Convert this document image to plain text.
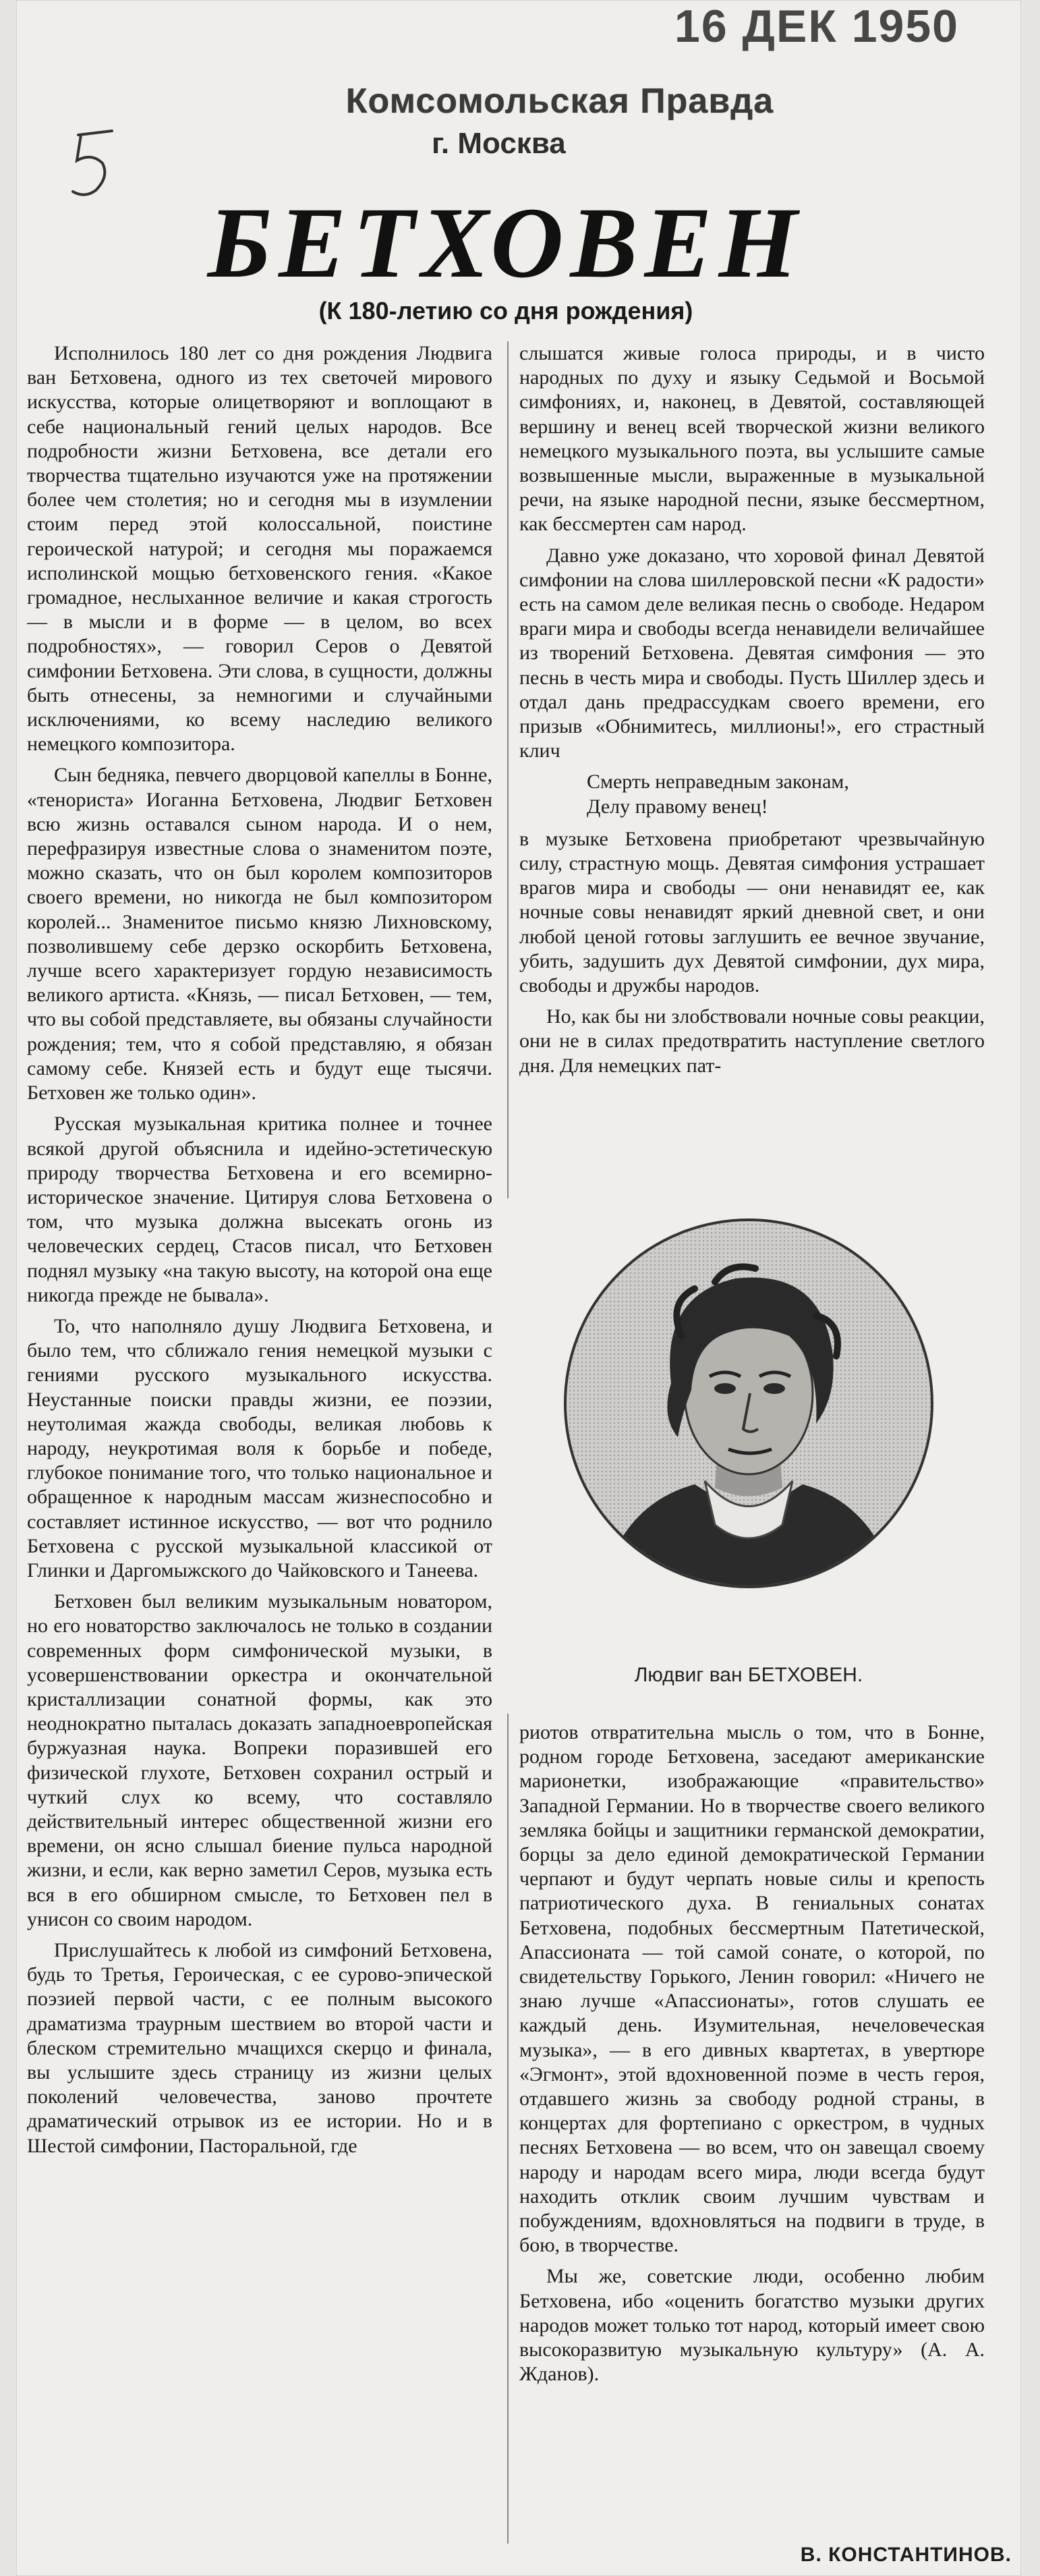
16 ДЕК 1950
Комсомольская Правда
г. Москва
БЕТХОВЕН
(К 180-летию со дня рождения)

Исполнилось 180 лет со дня рождения Людвига ван Бетховена, одного из тех светочей мирового искусства, которые олицетворяют и воплощают в себе национальный гений целых народов. Все подробности жизни Бетховена, все детали его творчества тщательно изучаются уже на протяжении более чем столетия; но и сегодня мы в изумлении стоим перед этой колоссальной, поистине героической натурой; и сегодня мы поражаемся исполинской мощью бетховенского гения. «Какое громадное, неслыханное величие и какая строгость — в мысли и в форме — в целом, во всех подробностях», — говорил Серов о Девятой симфонии Бетховена. Эти слова, в сущности, должны быть отнесены, за немногими и случайными исключениями, ко всему наследию великого немецкого композитора.

Сын бедняка, певчего дворцовой капеллы в Бонне, «тенориста» Иоганна Бетховена, Людвиг Бетховен всю жизнь оставался сыном народа. И о нем, перефразируя известные слова о знаменитом поэте, можно сказать, что он был королем композиторов своего времени, но никогда не был композитором королей... Знаменитое письмо князю Лихновскому, позволившему себе дерзко оскорбить Бетховена, лучше всего характеризует гордую независимость великого артиста. «Князь, — писал Бетховен, — тем, что вы собой представляете, вы обязаны случайности рождения; тем, что я собой представляю, я обязан самому себе. Князей есть и будут еще тысячи. Бетховен же только один».

Русская музыкальная критика полнее и точнее всякой другой объяснила и идейно-эстетическую природу творчества Бетховена и его всемирно-историческое значение. Цитируя слова Бетховена о том, что музыка должна высекать огонь из человеческих сердец, Стасов писал, что Бетховен поднял музыку «на такую высоту, на которой она еще никогда прежде не бывала».

То, что наполняло душу Людвига Бетховена, и было тем, что сближало гения немецкой музыки с гениями русского музыкального искусства. Неустанные поиски правды жизни, ее поэзии, неутолимая жажда свободы, великая любовь к народу, неукротимая воля к борьбе и победе, глубокое понимание того, что только национальное и обращенное к народным массам жизнеспособно и составляет истинное искусство, — вот что роднило Бетховена с русской музыкальной классикой от Глинки и Даргомыжского до Чайковского и Танеева.

Бетховен был великим музыкальным новатором, но его новаторство заключалось не только в создании современных форм симфонической музыки, в усовершенствовании оркестра и окончательной кристаллизации сонатной формы, как это неоднократно пыталась доказать западноевропейская буржуазная наука. Вопреки поразившей его физической глухоте, Бетховен сохранил острый и чуткий слух ко всему, что составляло действительный интерес общественной жизни его времени, он ясно слышал биение пульса народной жизни, и если, как верно заметил Серов, музыка есть вся в его обширном смысле, то Бетховен пел в унисон со своим народом.

Прислушайтесь к любой из симфоний Бетховена, будь то Третья, Героическая, с ее сурово-эпической поэзией первой части, с ее полным высокого драматизма траурным шествием во второй части и блеском стремительно мчащихся скерцо и финала, вы услышите здесь страницу из жизни целых поколений человечества, заново прочтете драматический отрывок из ее истории. Но и в Шестой симфонии, Пасторальной, где

слышатся живые голоса природы, и в чисто народных по духу и языку Седьмой и Восьмой симфониях, и, наконец, в Девятой, составляющей вершину и венец всей творческой жизни великого немецкого музыкального поэта, вы услышите самые возвышенные мысли, выраженные в музыкальной речи, на языке народной песни, языке бессмертном, как бессмертен сам народ.

Давно уже доказано, что хоровой финал Девятой симфонии на слова шиллеровской песни «К радости» есть на самом деле великая песнь о свободе. Недаром враги мира и свободы всегда ненавидели величайшее из творений Бетховена. Девятая симфония — это песнь в честь мира и свободы. Пусть Шиллер здесь и отдал дань предрассудкам своего времени, его призыв «Обнимитесь, миллионы!», его страстный клич

Смерть неправедным законам,
Делу правому венец!

в музыке Бетховена приобретают чрезвычайную силу, страстную мощь. Девятая симфония устрашает врагов мира и свободы — они ненавидят ее, как ночные совы ненавидят яркий дневной свет, и они любой ценой готовы заглушить ее вечное звучание, убить, задушить дух Девятой симфонии, дух мира, свободы и дружбы народов.

Но, как бы ни злобствовали ночные совы реакции, они не в силах предотвратить наступление светлого дня. Для немецких пат-

Людвиг ван БЕТХОВЕН.

риотов отвратительна мысль о том, что в Бонне, родном городе Бетховена, заседают американские марионетки, изображающие «правительство» Западной Германии. Но в творчестве своего великого земляка бойцы и защитники германской демократии, борцы за дело единой демократической Германии черпают и будут черпать новые силы и крепость патриотического духа. В гениальных сонатах Бетховена, подобных бессмертным Патетической, Апассионата — той самой сонате, о которой, по свидетельству Горького, Ленин говорил: «Ничего не знаю лучше «Апассионаты», готов слушать ее каждый день. Изумительная, нечеловеческая музыка», — в его дивных квартетах, в увертюре «Эгмонт», этой вдохновенной поэме в честь героя, отдавшего жизнь за свободу родной страны, в концертах для фортепиано с оркестром, в чудных песнях Бетховена — во всем, что он завещал своему народу и народам всего мира, люди всегда будут находить отклик своим лучшим чувствам и побуждениям, вдохновляться на подвиги в труде, в бою, в творчестве.

Мы же, советские люди, особенно любим Бетховена, ибо «оценить богатство музыки других народов может только тот народ, который имеет свою высокоразвитую музыкальную культуру» (А. А. Жданов).

В. КОНСТАНТИНОВ.
